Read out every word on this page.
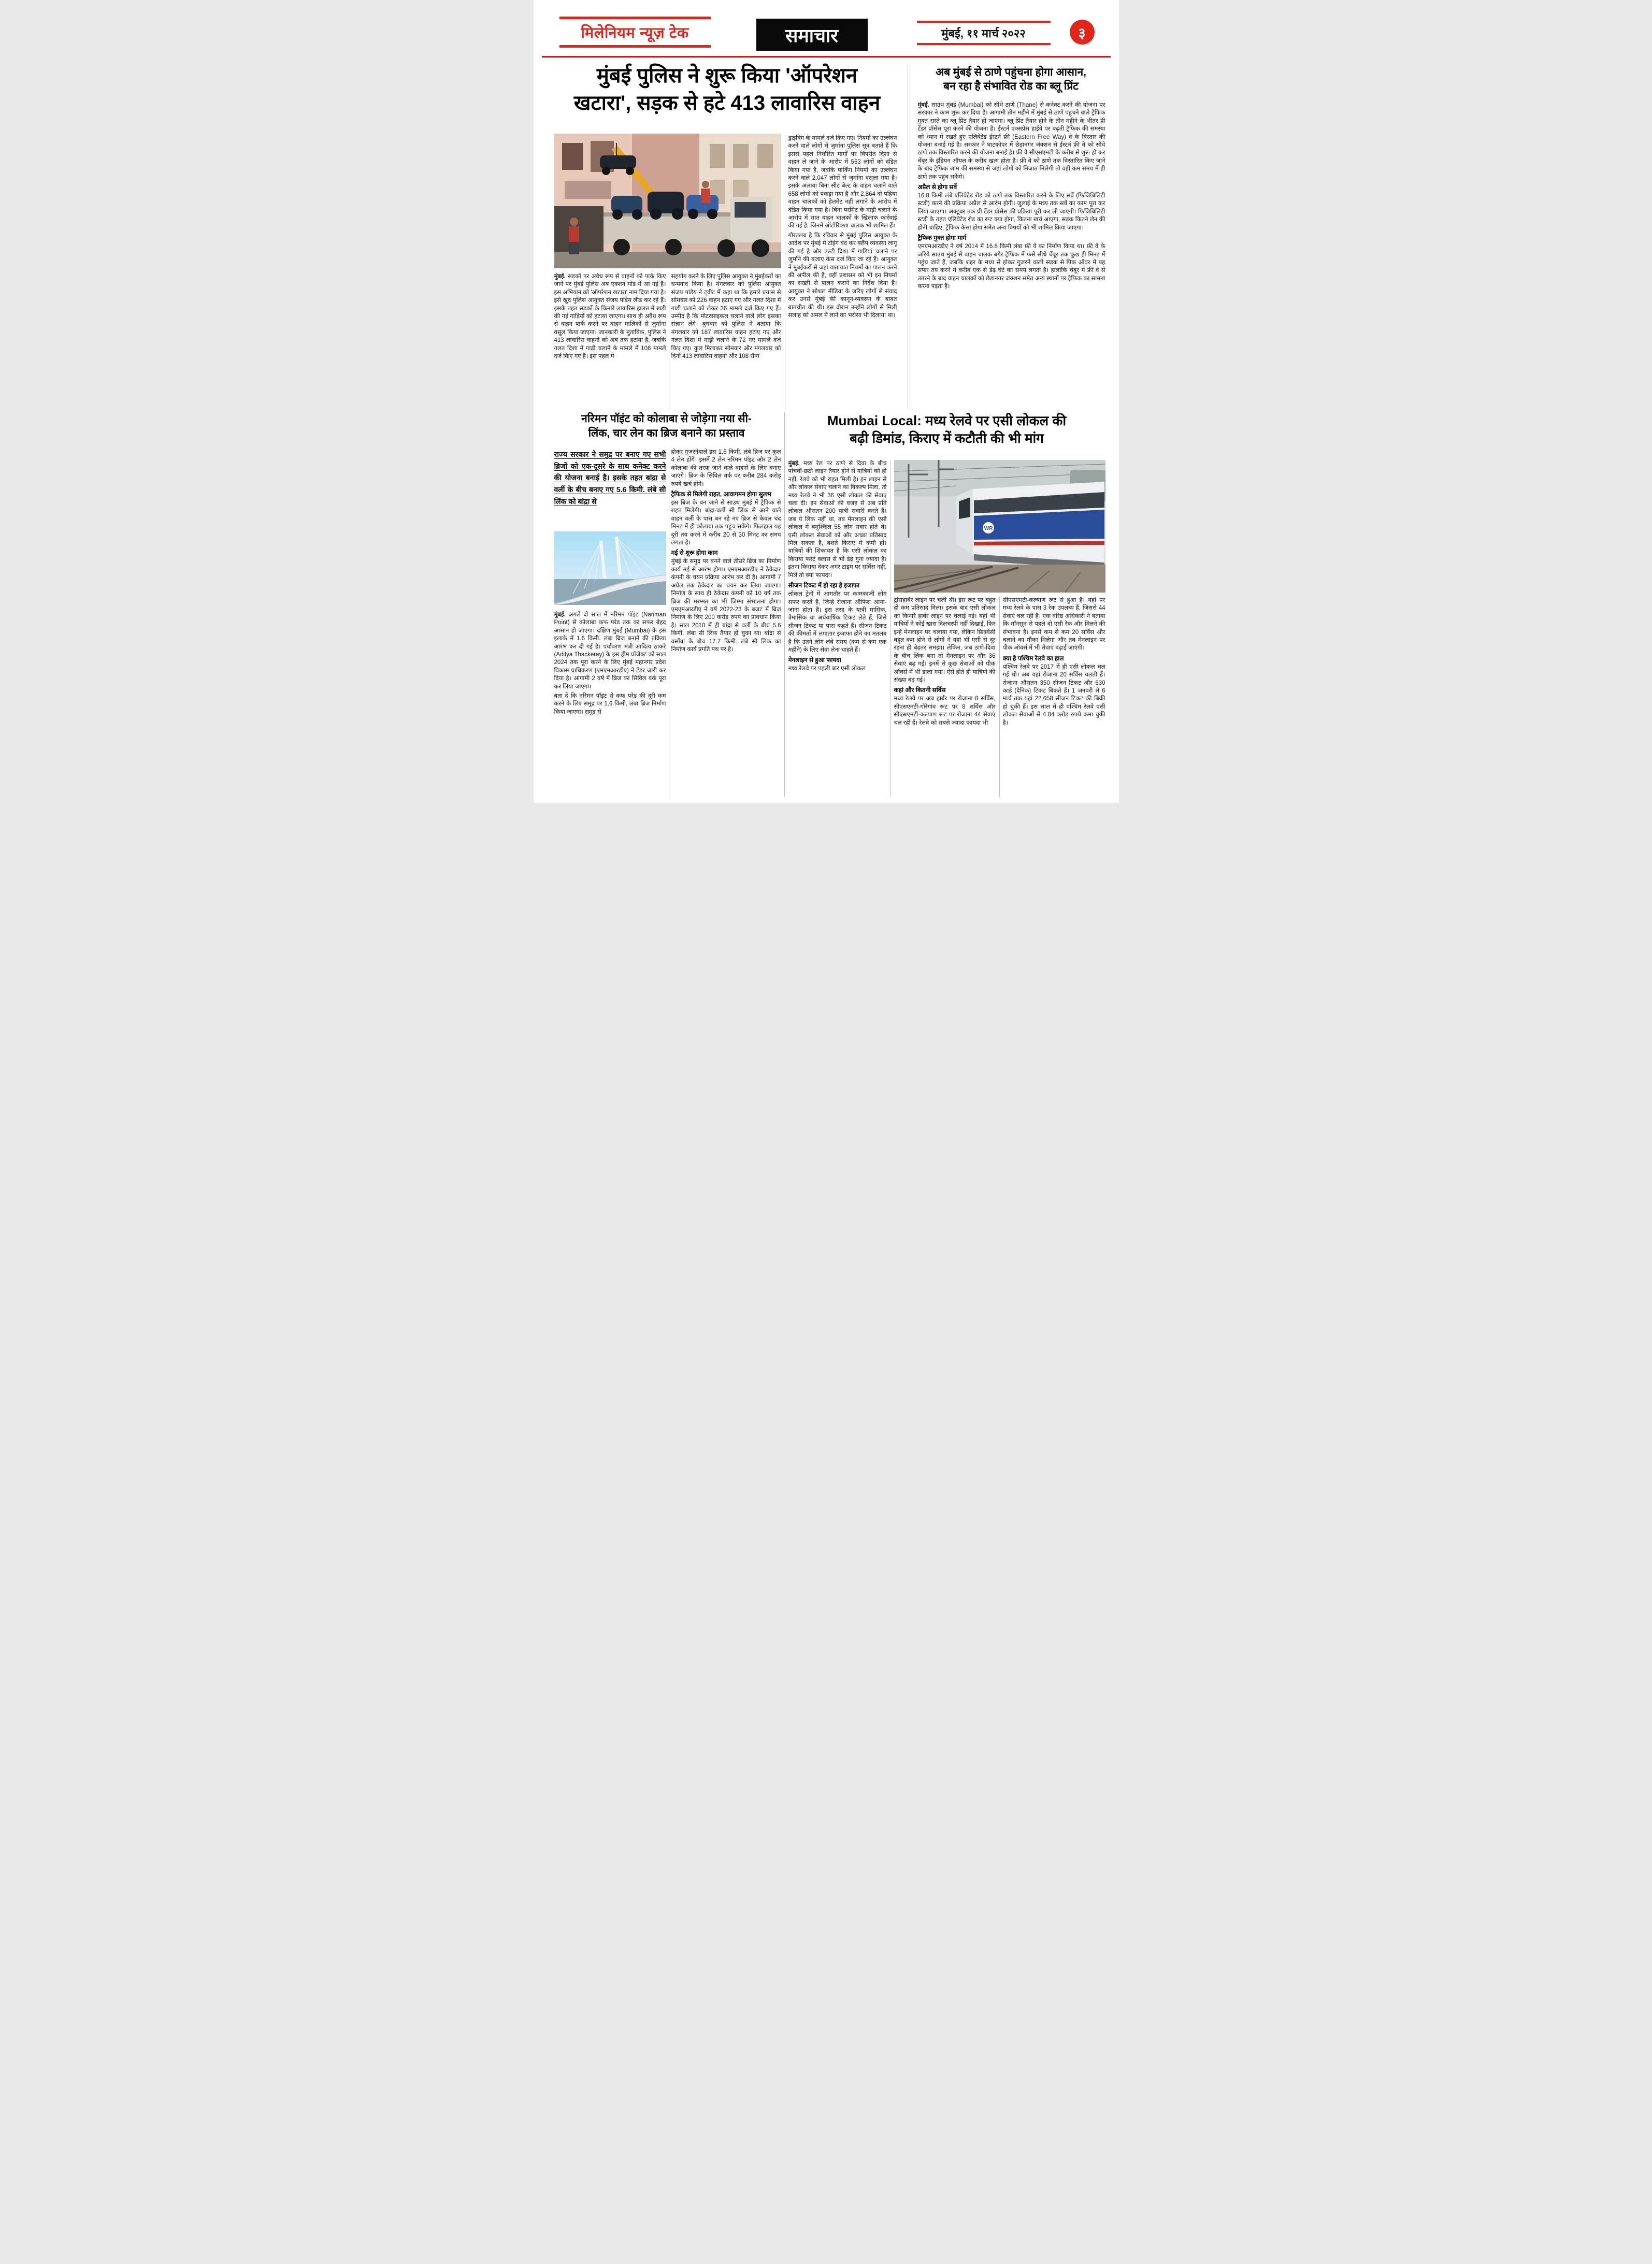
मिलेनियम न्यूज़ टेक	समाचार	मुंबई, ११ मार्च २०२२	३
मुंबई पुलिस ने शुरू किया 'ऑपरेशन
खटारा', सड़क से हटे 413 लावारिस वाहन

मुंबई. सड़कों पर अवैध रूप से वाहनों को पार्क किए जाने पर मुंबई पुलिस अब एक्शन मोड में आ गई है। इस अभियान को 'ऑपरेशन खटारा' नाम दिया गया है। इसे खुद पुलिस आयुक्त संजय पांडेय लीड कर रहे हैं। इसके तहत सड़कों के किनारे लावारिस हालत में खड़ी की गई गाड़ियों को हटाया जाएगा। साथ ही अवैध रूप से वाहन पार्क करने पर वाहन मालिकों से जुर्माना वसूल किया जाएगा। जानकारी के मुताबिक, पुलिस ने 413 लावारिस वाहनों को अब तक हटाया है, जबकि गलत दिशा में गाड़ी चलाने के मामले में 108 मामले दर्ज किए गए हैं। इस पहल में

सहयोग करने के लिए पुलिस आयुक्त ने मुंबईकरों का धन्यवाद किया है। मंगलवार को पुलिस आयुक्त संजय पांडेय ने ट्वीट में कहा था कि हमारे प्रयास से सोमवार को 226 वाहन हटाए गए और गलत दिशा में गाड़ी चलाने को लेकर 36 मामले दर्ज किए गए हैं। उम्मीद है कि मोटरसाइकल चलाने वाले लोग इसका संज्ञान लेंगे। बुधवार को पुलिस ने बताया कि मंगलवार को 187 लावारिस वाहन हटाए गए और गलत दिशा में गाड़ी चलाने के 72 नए मामले दर्ज किए गए। कुल मिलाकर सोमवार और मंगलवार को दिनों 413 लावारिस वाहनों और 108 रॉन्ग

ड्राइविंग के मामले दर्ज किए गए। नियमों का उल्लंघन करने वाले लोगों से जुर्माना पुलिस सूत्र बताते हैं कि इससे पहले निर्धारित मार्गों पर विपरीत दिशा से वाहन ले जाने के आरोप में 563 लोगों को दंडित किया गया है, जबकि पार्किंग नियमों का उल्लंघन करने वाले 2,047 लोगों से जुर्माना वसूला गया है। इसके अलावा बिना सीट बेल्ट के वाहन चलाने वाले 658 लोगों को पकड़ा गया है और 2,864 दो पहिया वाहन चालकों को हेलमेट नहीं लगाने के आरोप में दंडित किया गया है। बिना परमिट के गाड़ी चलाने के आरोप में सात वाहन चालकों के खिलाफ कार्रवाई की गई है, जिनमें ऑटोरिक्शा चालक भी शामिल हैं।

गौरतलब है कि रविवार से मुंबई पुलिस आयुक्त के आदेश पर मुंबई में टोइंग बंद कर क्लैंप व्यवस्था लागू की गई है और उल्टी दिशा में गाड़ियां चलाने पर जुर्माने की बजाए केस दर्ज किए जा रहे हैं। आयुक्त ने मुंबईकरों से जहां यातायात नियमों का पालन करने की अपील की है, वहीं प्रशासन को भी इन नियमों का सख्ती से पालन कराने का निर्देश दिया है। आयुक्त ने सोशल मीडिया के जरिए लोगों से संवाद कर उनसे मुंबई की कानून-व्यवस्था के बाबत बातचीत की थी। इस दौरान उन्होंने लोगों से मिली सलाह को अमल में लाने का भरोसा भी दिलाया था।

अब मुंबई से ठाणे पहुंचना होगा आसान,
बन रहा है संभावित रोड का ब्लू प्रिंट

मुंबई. साउथ मुंबई (Mumbai) को सीधे ठाणे (Thane) से कनेक्ट करने की योजना पर सरकार ने काम शुरू कर दिया है। आगामी तीन महीने में मुंबई से ठाणे पहुंचने वाले ट्रैफिक मुक्त रास्ते का ब्लू प्रिंट तैयार हो जाएगा। ब्लू प्रिंट तैयार होने के तीन महीने के भीतर प्री टेंडर प्रॉसेस पूरा करने की योजना है। ईस्टर्न एक्सप्रेस हाईवे पर बढ़ती ट्रैफिक की समस्या को ध्यान में रखते हुए एलिवेटेड ईस्टर्न फ्री (Eastern Free Way) वे के विस्तार की योजना बनाई गई है। सरकार ने घाटकोपर में छेड़ानगर जंक्शन से ईस्टर्न फ्री वे को सीधे ठाणे तक विस्तारित करने की योजना बनाई है। फ्री वे सीएसएमटी के करीब से शुरू हो कर चेंबूर के इंडियन ऑयल के करीब खत्म होता है। फ्री वे को ठाणे तक विस्तारित किए जाने के बाद ट्रैफिक जाम की समस्या से जहां लोगों को निजात मिलेगी तो वहीं कम समय में ही ठाणे तक पहुंच सकेंगे।

अप्रैल से होगा सर्वे

16.8 किमी लंबे एलिवेटेड रोड को ठाणे तक विस्तारित करने के लिए सर्वे (फिजिबिलिटी स्टडी) करने की प्रक्रिया अप्रैल से आरंभ होगी। जुलाई के मध्य तक सर्वे का काम पूरा कर लिया जाएगा। अक्टूबर तक प्री टेंडर प्रॉसेस की प्रक्रिया पूरी कर ली जाएगी। फिजिबिलिटी स्टडी के तहत एलिवेटेड रोड का रूट क्या होगा, कितना खर्च आएगा, सड़क कितने लेन की होनी चाहिए, ट्रैफिक कैसा होगा समेत अन्य विषयों को भी शामिल किया जाएगा।

ट्रैफिक मुक्त होगा मार्ग

एमएमआरडीए ने वर्ष 2014 में 16.8 किमी लंबा फ्री वे का निर्माण किया था। फ्री वे के जरिये साउथ मुंबई से वाहन चालक बगैर ट्रैफिक में फंसे सीधे चेंबूर तक कुछ ही मिनट में पहुंच जाते हैं, जबकि शहर के मध्य से होकर गुजरने वाली सड़क से पिक ऑवर में यह सफर तय करने में करीब एक से डेढ़ घंटे का समय लगता है। हालांकि चेंबूर में फ्री वे से उतरने के बाद वाहन चालकों को छेड़ानगर जंक्शन समेत अन्य स्थानों पर ट्रैफिक का सामना करना पड़ता है।

नरिमन पॉइंट को कोलाबा से जोड़ेगा नया सी-
लिंक, चार लेन का ब्रिज बनाने का प्रस्ताव
राज्य सरकार ने समुद्र पर बनाए गए सभी ब्रिजों को एक-दूसरे के साथ कनेक्ट करने की योजना बनाई है। इसके तहत बांद्रा से वर्ली के बीच बनाए गए 5.6 किमी. लंबे सी लिंक को बांद्रा से

मुंबई. अगले दो साल में नरिमन पॉइंट (Nariman Point) से कोलाबा कफ परेड तक का सफर बेहद आसान हो जाएगा। दक्षिण मुंबई (Mumbai) के इस इलाके में 1.6 किमी. लंबा ब्रिज बनाने की प्रक्रिया आरंभ कर दी गई है। पर्यावरण मंत्री आदित्य ठाकरे (Aditya Thackeray) के इस ड्रीम प्रॉजेक्ट को साल 2024 तक पूरा करने के लिए मुंबई महानगर प्रदेश विकास प्राधिकरण (एमएमआरडीए) ने टेंडर जारी कर दिया है। आगामी 2 वर्ष में ब्रिज का सिविल वर्क पूरा कर लिया जाएगा।

बता दें कि नरिमन पॉइंट से कफ परेड की दूरी कम करने के लिए समुद्र पर 1.6 किमी. लंबा ब्रिज निर्माण किया जाएगा। समुद्र से

होकर गुजरनेवाले इस 1.6 किमी. लंबे ब्रिज पर कुल 4 लेन होंगे। इसमें 2 लेन नरिमन पॉइंट और 2 लेन कोलाबा की तरफ जाने वाले वाहनों के लिए बनाए जाएंगे। ब्रिज के सिविल वर्क पर करीब 284 करोड़ रुपये खर्च होंगे।

ट्रैफिक से मिलेगी राहत, आवागमन होगा सुलभ

इस ब्रिज के बन जाने से साउथ मुंबई में ट्रैफिक से राहत मिलेगी। बांद्रा-वर्ली सी लिंक से आने वाले वाहन वर्ली के पास बन रहे नए ब्रिज से केवल चंद मिनट में ही कोलाबा तक पहुंच सकेंगे। फिलहाल यह दूरी तय करने में करीब 20 से 30 मिनट का समय लगता है।

मई से शुरू होगा काम

मुंबई के समुद्र पर बनने वाले तीसरे ब्रिज का निर्माण कार्य मई से आरंभ होगा। एमएमआरडीए ने ठेकेदार कंपनी के चयन प्रक्रिया आरंभ कर दी है। आगामी 7 अप्रैल तक ठेकेदार का चयन कर लिया जाएगा। निर्माण के साथ ही ठेकेदार कंपनी को 10 वर्ष तक ब्रिज की मरम्मत का भी जिम्मा संभालना होगा। एमएमआरडीए ने वर्ष 2022-23 के बजट में ब्रिज निर्माण के लिए 200 करोड़ रुपये का प्रावधान किया है। साल 2010 में ही बांद्रा से वर्ली के बीच 5.6 किमी. लंबा सी लिंक तैयार हो चुका था। बांद्रा से वर्सोवा के बीच 17.7 किमी. लंबे सी लिंक का निर्माण कार्य प्रगति पथ पर है।

Mumbai Local: मध्य रेलवे पर एसी लोकल की
बढ़ी डिमांड, किराए में कटौती की भी मांग

मुंबई. मध्य रेल पर ठाणे से दिवा के बीच पांचवीं-छठी लाइन तैयार होने से यात्रियों को ही नहीं, रेलवे को भी राहत मिली है। इन लाइन से और लोकल सेवाएं चलाने का विकल्प मिला, तो मध्य रेलवे ने भी 36 एसी लोकल की सेवाएं चला दी। इन सेवाओं की वजह से अब प्रति लोकल औसतन 200 यात्री सवारी करते हैं। जब ये लिंक नहीं था, तब मेनलाइन की एसी लोकल में बमुश्किल 55 लोग सवार होते थे। एसी लोकल सेवाओं को और अच्छा प्रतिसाद मिल सकता है, बशर्ते किराए में कमी हो। यात्रियों की शिकायत है कि एसी लोकल का किराया फर्स्ट क्लास से भी डेढ़ गुना ज्यादा है। इतना किराया देकर अगर टाइम पर सर्विस नहीं, मिले तो क्या फायदा।

सीजन टिकट में हो रहा है इजाफा

लोकल ट्रेनों में आमतौर पर कामकाजी लोग सफर करते हैं, जिन्हें रोजाना ऑफिस आना-जाना होता है। इस तरह के यात्री मासिक, त्रैमासिक या अर्धवार्षिक टिकट लेते हैं, जिसे सीजन टिकट या पास कहते हैं। सीजन टिकट की कीमतों में लगातार इजाफा होने का मतलब है कि उतने लोग लंबे समय (कम से कम एक महीने) के लिए सेवा लेना चाहते हैं।

मेनलाइन से हुआ फायदा

मध्य रेलवे पर पहली बार एसी लोकल

WR

ट्रांसहार्बर लाइन पर चली थी। इस रूट पर बहुत ही कम प्रतिसाद मिला। इसके बाद एसी लोकल को किनारे हार्बर लाइन पर चलाई गई। यहां भी यात्रियों ने कोई खास दिलचस्पी नहीं दिखाई, फिर इन्हें मेनलाइन पर चलाया गया, लेकिन फ्रिक्वेंसी बहुत कम होने से लोगों ने यहां भी एसी से दूर रहना ही बेहतर समझा। लेकिन, जब ठाणे-दिवा के बीच लिंक बना तो मेनलाइन पर और 36 सेवाएं बढ़ गईं। इनमें से कुछ सेवाओं को पीक ऑवर्स में भी डाला गया। ऐसे होते ही यात्रियों की संख्या बढ़ गई।

कहां और कितनी सर्विस

मध्य रेलवे पर अब हार्बर पर रोजाना 8 सर्विस, सीएसएमटी-गोरेगांव रूट पर 8 सर्विस और सीएसएमटी-कल्याण रूट पर रोजाना 44 सेवाएं चल रही हैं। रेलवे को सबसे ज्यादा फायदा भी

सीएसएमटी-कल्याण रूट से हुआ है। यहां पर मध्य रेलवे के पास 3 रेक उपलब्ध हैं, जिससे 44 सेवाएं चल रही हैं। एक वरिष्ठ अधिकारी ने बताया कि मॉनसून से पहले दो एसी रेक और मिलने की संभावना है। इनसे कम से कम 20 सर्विस और चलाने का मौका मिलेगा और तब मेनलाइन पर पीक ऑवर्स में भी सेवाएं बढ़ाई जाएंगी।

क्या है पश्चिम रेलवे का हाल

पश्चिम रेलवे पर 2017 में ही एसी लोकल चल गई थी। अब यहां रोजाना 20 सर्विस चलती हैं। रोजाना औसतन 350 सीजन टिकट और 630 कार्ड (दैनिक) टिकट बिकते हैं। 1 जनवरी से 6 मार्च तक यहां 22,658 सीजन टिकट की बिक्री हो चुकी हैं। इस साल में ही पश्चिम रेलवे एसी लोकल सेवाओं से 4.84 करोड़ रुपये कमा चुकी है।
